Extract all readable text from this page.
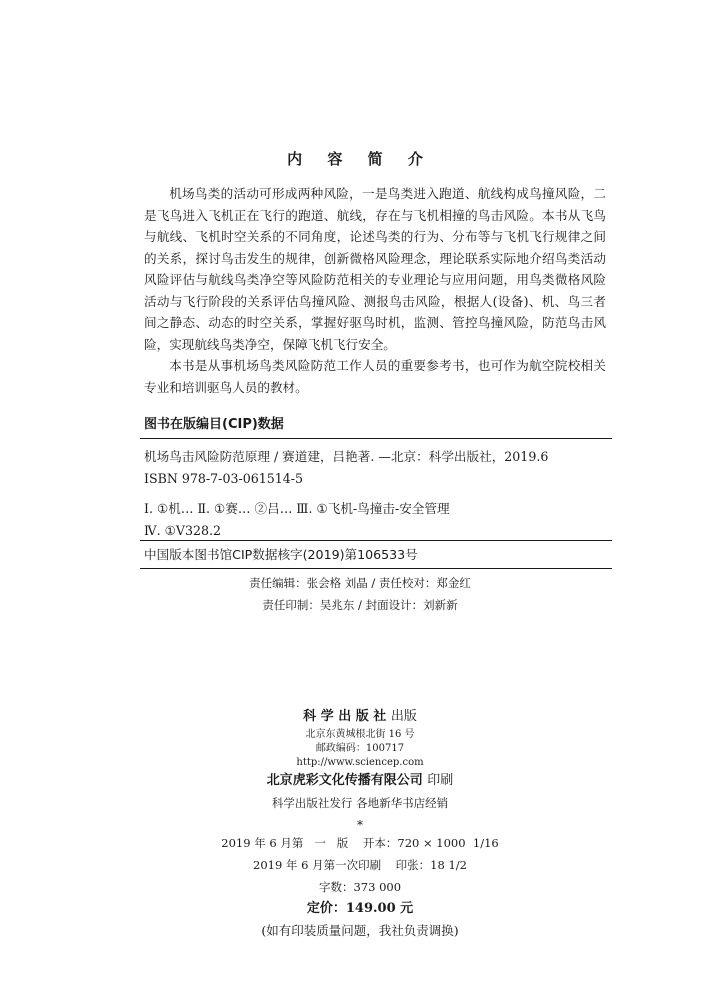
内 容 简 介

机场鸟类的活动可形成两种风险，一是鸟类进入跑道、航线构成鸟撞风险，二是飞鸟进入飞机正在飞行的跑道、航线，存在与飞机相撞的鸟击风险。本书从飞鸟与航线、飞机时空关系的不同角度，论述鸟类的行为、分布等与飞机飞行规律之间的关系，探讨鸟击发生的规律，创新微格风险理念，理论联系实际地介绍鸟类活动风险评估与航线鸟类净空等风险防范相关的专业理论与应用问题，用鸟类微格风险活动与飞行阶段的关系评估鸟撞风险、测报鸟击风险，根据人(设备)、机、鸟三者间之静态、动态的时空关系，掌握好驱鸟时机，监测、管控鸟撞风险，防范鸟击风险，实现航线鸟类净空，保障飞机飞行安全。

本书是从事机场鸟类风险防范工作人员的重要参考书，也可作为航空院校相关专业和培训驱鸟人员的教材。

图书在版编目(CIP)数据
机场鸟击风险防范原理 / 赛道建，吕艳著. —北京：科学出版社，2019.6
ISBN 978-7-03-061514-5
Ⅰ. ①机… Ⅱ. ①赛… ②吕… Ⅲ. ①飞机-鸟撞击-安全管理
Ⅳ. ①V328.2
中国版本图书馆CIP数据核字(2019)第106533号
责任编辑：张会格 刘晶 / 责任校对：郑金红
责任印制：吴兆东 / 封面设计：刘新新
科 学 出 版 社 出版
北京东黄城根北街 16 号
邮政编码：100717
http://www.sciencep.com
北京虎彩文化传播有限公司 印刷
科学出版社发行 各地新华书店经销
*
2019 年 6 月第   一   版    开本：720 × 1000  1/16
2019 年 6 月第一次印刷    印张：18 1/2
字数：373 000
定价：149.00 元
(如有印装质量问题，我社负责调换)
